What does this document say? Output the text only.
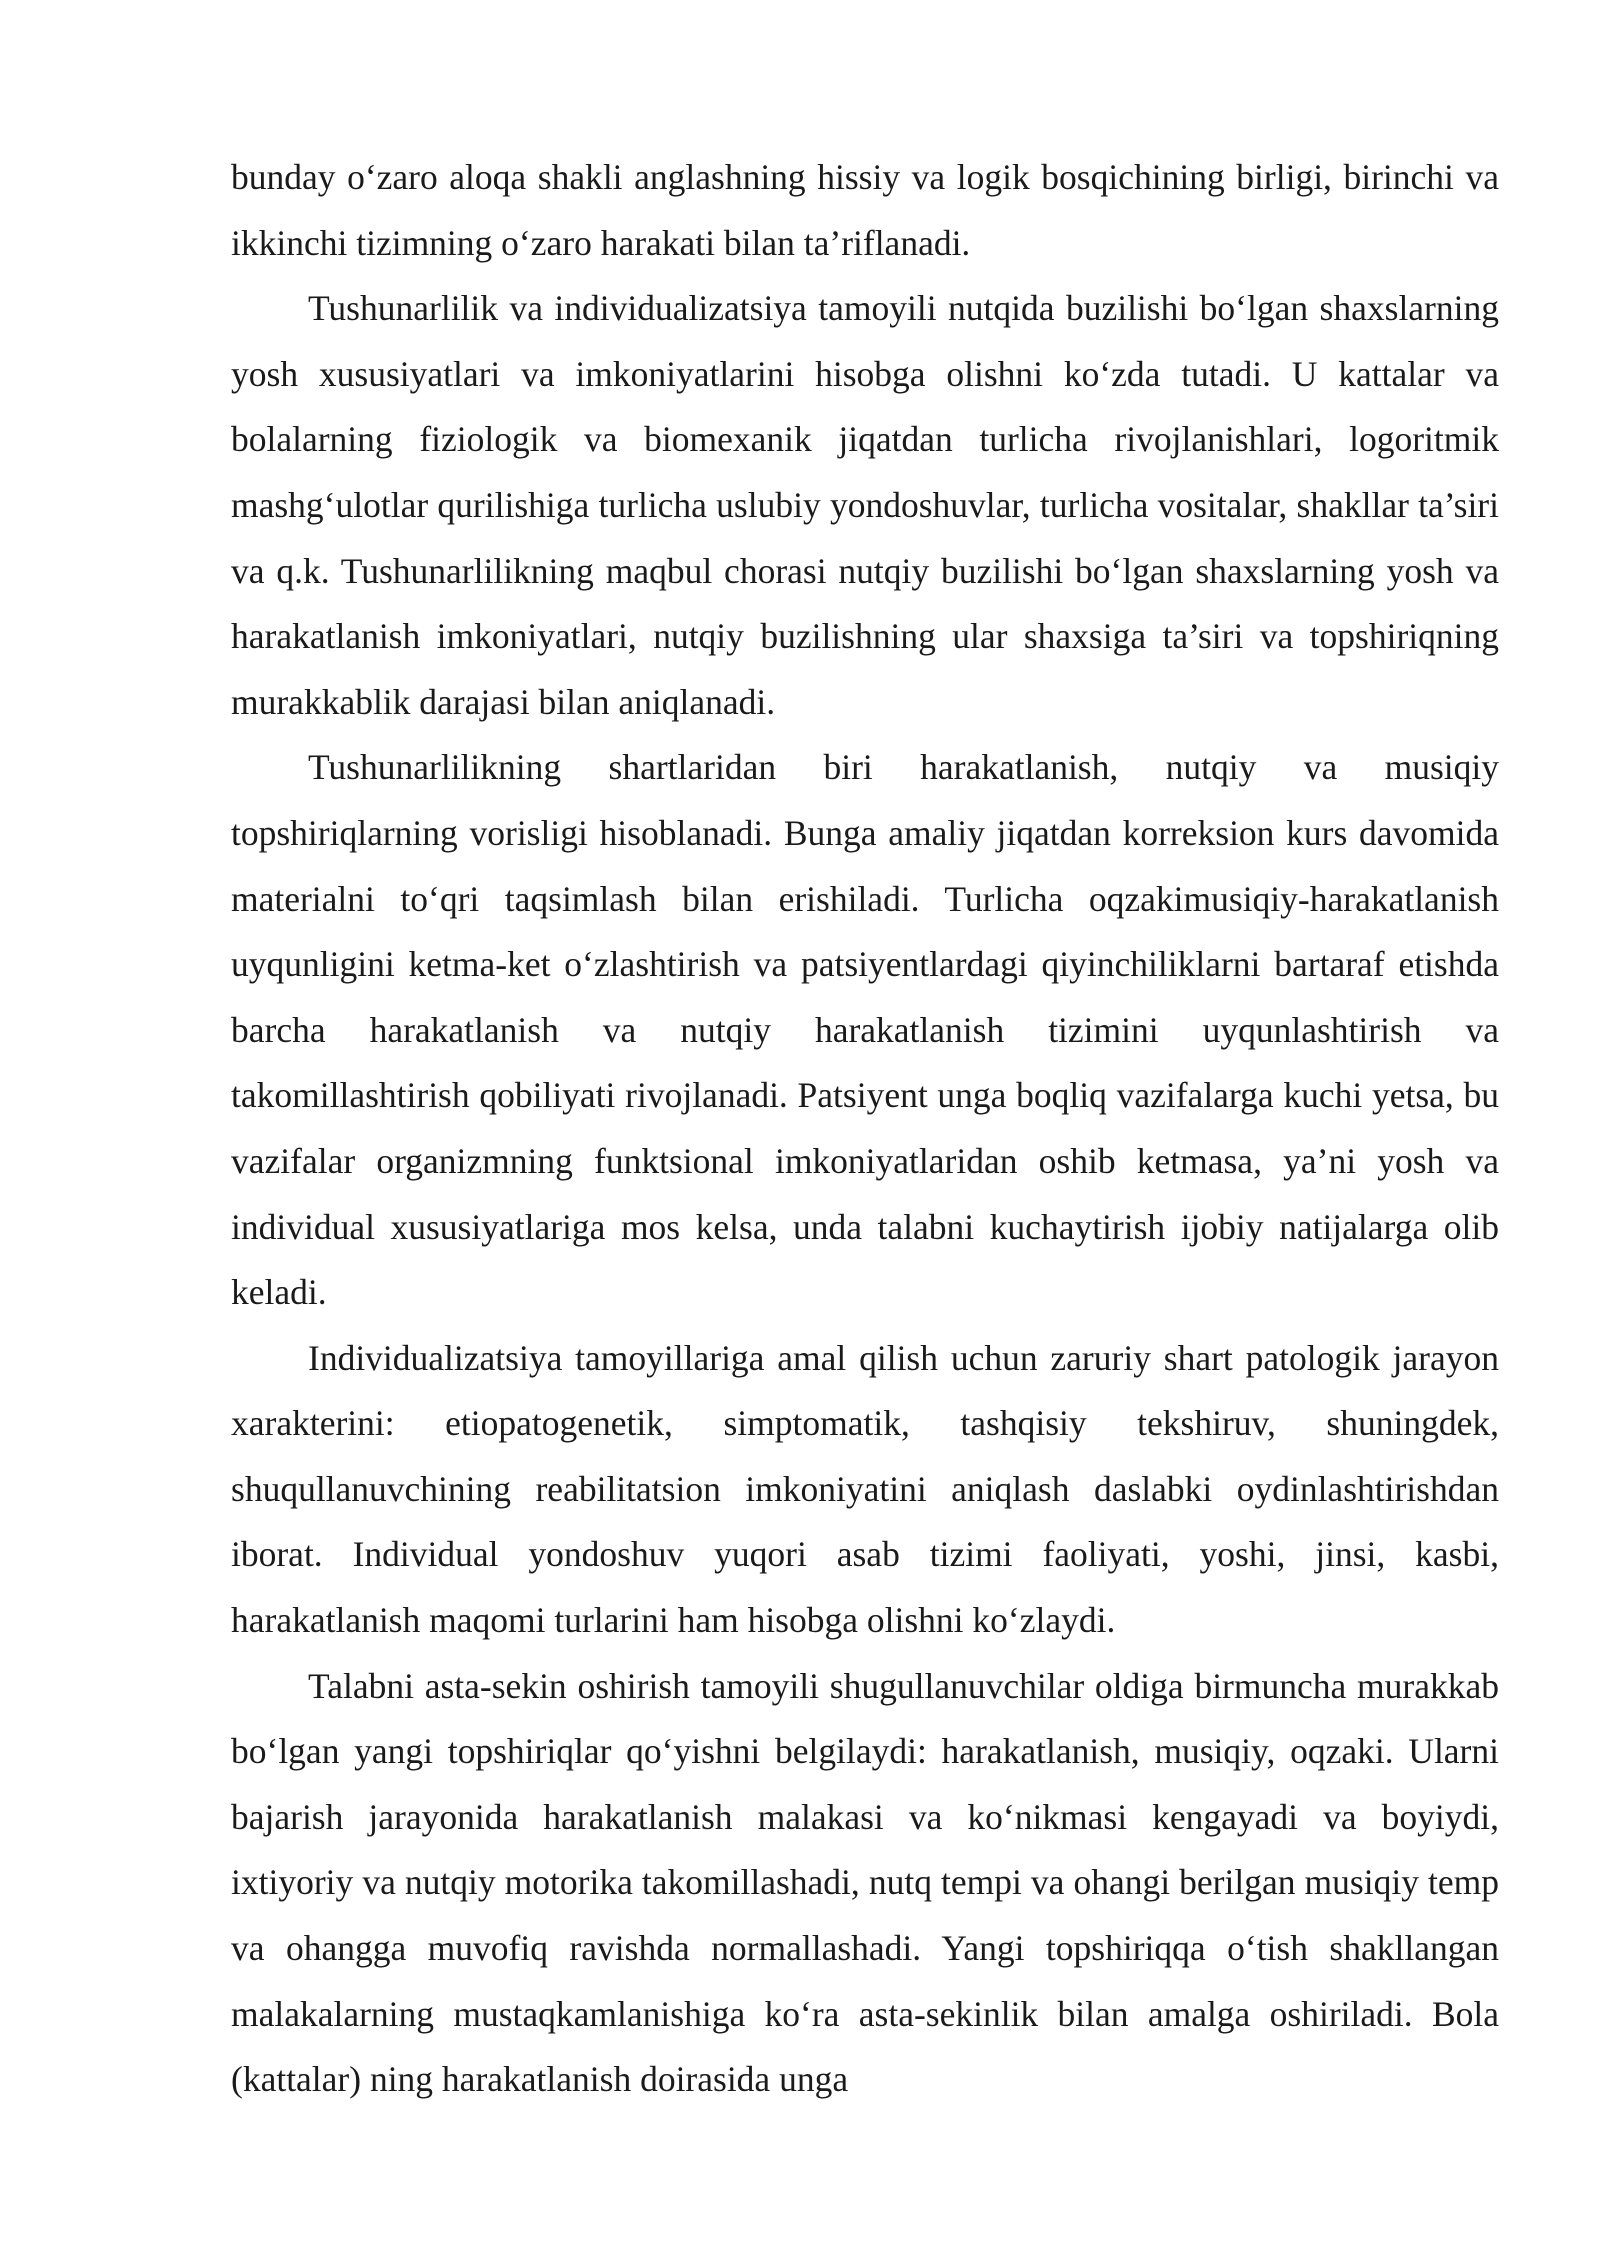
bunday o‘zaro aloqa shakli anglashning hissiy va logik bosqichining birligi, birinchi va ikkinchi tizimning o‘zaro harakati bilan ta’riflanadi.

Tushunarlilik va individualizatsiya tamoyili nutqida buzilishi bo‘lgan shaxslarning yosh xususiyatlari va imkoniyatlarini hisobga olishni ko‘zda tutadi. U kattalar va bolalarning fiziologik va biomexanik jiqatdan turlicha rivojlanishlari, logoritmik mashg‘ulotlar qurilishiga turlicha uslubiy yondoshuvlar, turlicha vositalar, shakllar ta’siri va q.k. Tushunarlilikning maqbul chorasi nutqiy buzilishi bo‘lgan shaxslarning yosh va harakatlanish imkoniyatlari, nutqiy buzilishning ular shaxsiga ta’siri va topshiriqning murakkablik darajasi bilan aniqlanadi.

Tushunarlilikning shartlaridan biri harakatlanish, nutqiy va musiqiy topshiriqlarning vorisligi hisoblanadi. Bunga amaliy jiqatdan korreksion kurs davomida materialni to‘qri taqsimlash bilan erishiladi. Turlicha oqzakimusiqiy-harakatlanish uyqunligini ketma-ket o‘zlashtirish va patsiyentlardagi qiyinchiliklarni bartaraf etishda barcha harakatlanish va nutqiy harakatlanish tizimini uyqunlashtirish va takomillashtirish qobiliyati rivojlanadi. Patsiyent unga boqliq vazifalarga kuchi yetsa, bu vazifalar organizmning funktsional imkoniyatlaridan oshib ketmasa, ya’ni yosh va individual xususiyatlariga mos kelsa, unda talabni kuchaytirish ijobiy natijalarga olib keladi.

Individualizatsiya tamoyillariga amal qilish uchun zaruriy shart patologik jarayon xarakterini: etiopatogenetik, simptomatik, tashqisiy tekshiruv, shuningdek, shuqullanuvchining reabilitatsion imkoniyatini aniqlash daslabki oydinlashtirishdan iborat. Individual yondoshuv yuqori asab tizimi faoliyati, yoshi, jinsi, kasbi, harakatlanish maqomi turlarini ham hisobga olishni ko‘zlaydi.

Talabni asta-sekin oshirish tamoyili shugullanuvchilar oldiga birmuncha murakkab bo‘lgan yangi topshiriqlar qo‘yishni belgilaydi: harakatlanish, musiqiy, oqzaki. Ularni bajarish jarayonida harakatlanish malakasi va ko‘nikmasi kengayadi va boyiydi, ixtiyoriy va nutqiy motorika takomillashadi, nutq tempi va ohangi berilgan musiqiy temp va ohangga muvofiq ravishda normallashadi. Yangi topshiriqqa o‘tish shakllangan malakalarning mustaqkamlanishiga ko‘ra asta-sekinlik bilan amalga oshiriladi. Bola (kattalar) ning harakatlanish doirasida unga
